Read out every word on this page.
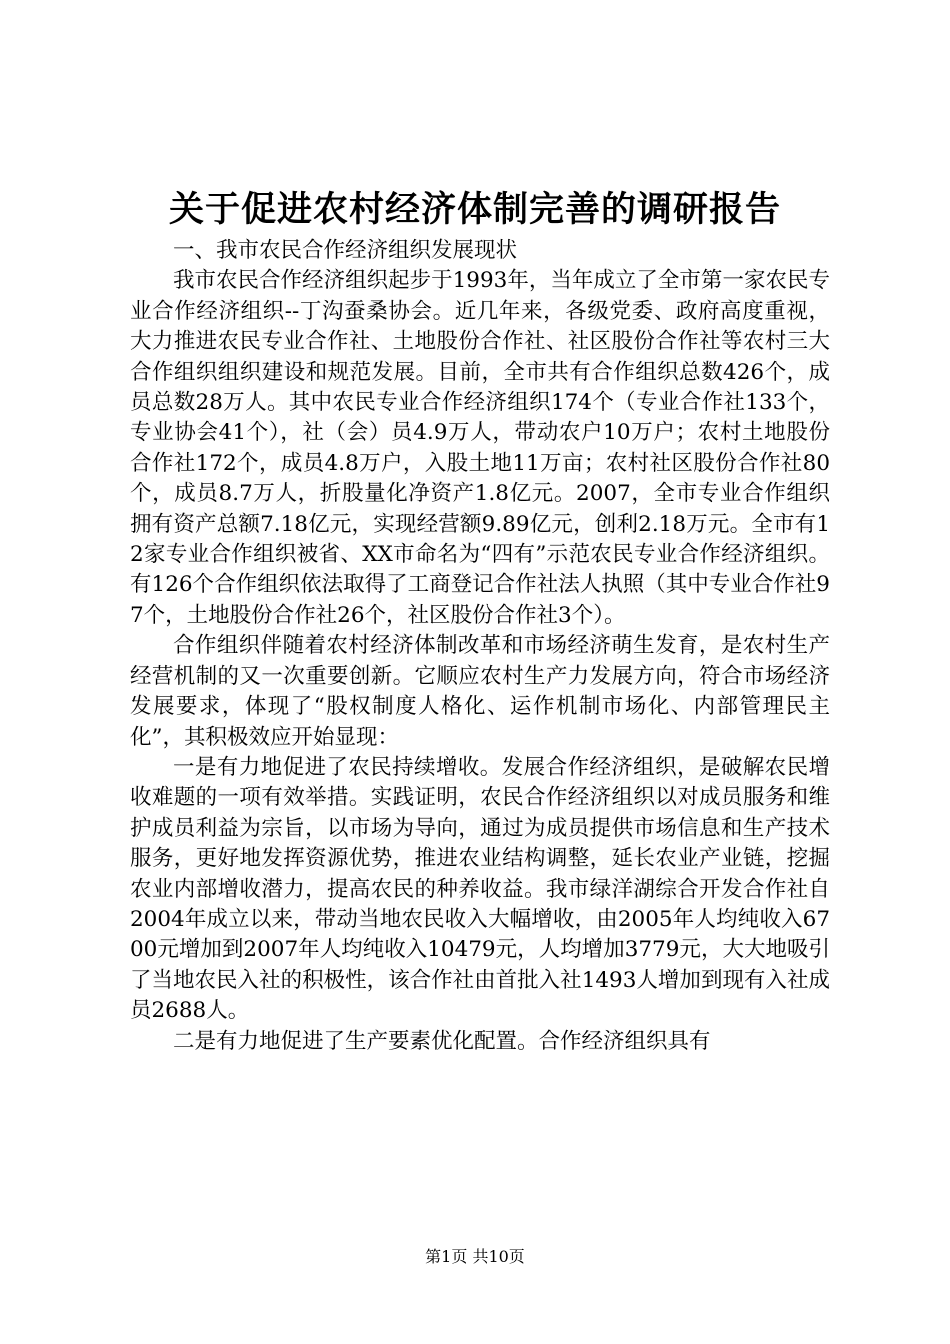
关于促进农村经济体制完善的调研报告

一、我市农民合作经济组织发展现状

我市农民合作经济组织起步于1993年，当年成立了全市第一家农民专业合作经济组织--丁沟蚕桑协会。近几年来，各级党委、政府高度重视，大力推进农民专业合作社、土地股份合作社、社区股份合作社等农村三大合作组织组织建设和规范发展。目前，全市共有合作组织总数426个，成员总数28万人。其中农民专业合作经济组织174个（专业合作社133个，专业协会41个），社（会）员4.9万人，带动农户10万户；农村土地股份合作社172个，成员4.8万户，入股土地11万亩；农村社区股份合作社80个，成员8.7万人，折股量化净资产1.8亿元。2007，全市专业合作组织拥有资产总额7.18亿元，实现经营额9.89亿元，创利2.18万元。全市有12家专业合作组织被省、XX市命名为“四有”示范农民专业合作经济组织。有126个合作组织依法取得了工商登记合作社法人执照（其中专业合作社97个，土地股份合作社26个，社区股份合作社3个）。

合作组织伴随着农村经济体制改革和市场经济萌生发育，是农村生产经营机制的又一次重要创新。它顺应农村生产力发展方向，符合市场经济发展要求，体现了“股权制度人格化、运作机制市场化、内部管理民主化”，其积极效应开始显现：

一是有力地促进了农民持续增收。发展合作经济组织，是破解农民增收难题的一项有效举措。实践证明，农民合作经济组织以对成员服务和维护成员利益为宗旨，以市场为导向，通过为成员提供市场信息和生产技术服务，更好地发挥资源优势，推进农业结构调整，延长农业产业链，挖掘农业内部增收潜力，提高农民的种养收益。我市绿洋湖综合开发合作社自2004年成立以来，带动当地农民收入大幅增收，由2005年人均纯收入6700元增加到2007年人均纯收入10479元，人均增加3779元，大大地吸引了当地农民入社的积极性，该合作社由首批入社1493人增加到现有入社成员2688人。

二是有力地促进了生产要素优化配置。合作经济组织具有

第1页 共10页
